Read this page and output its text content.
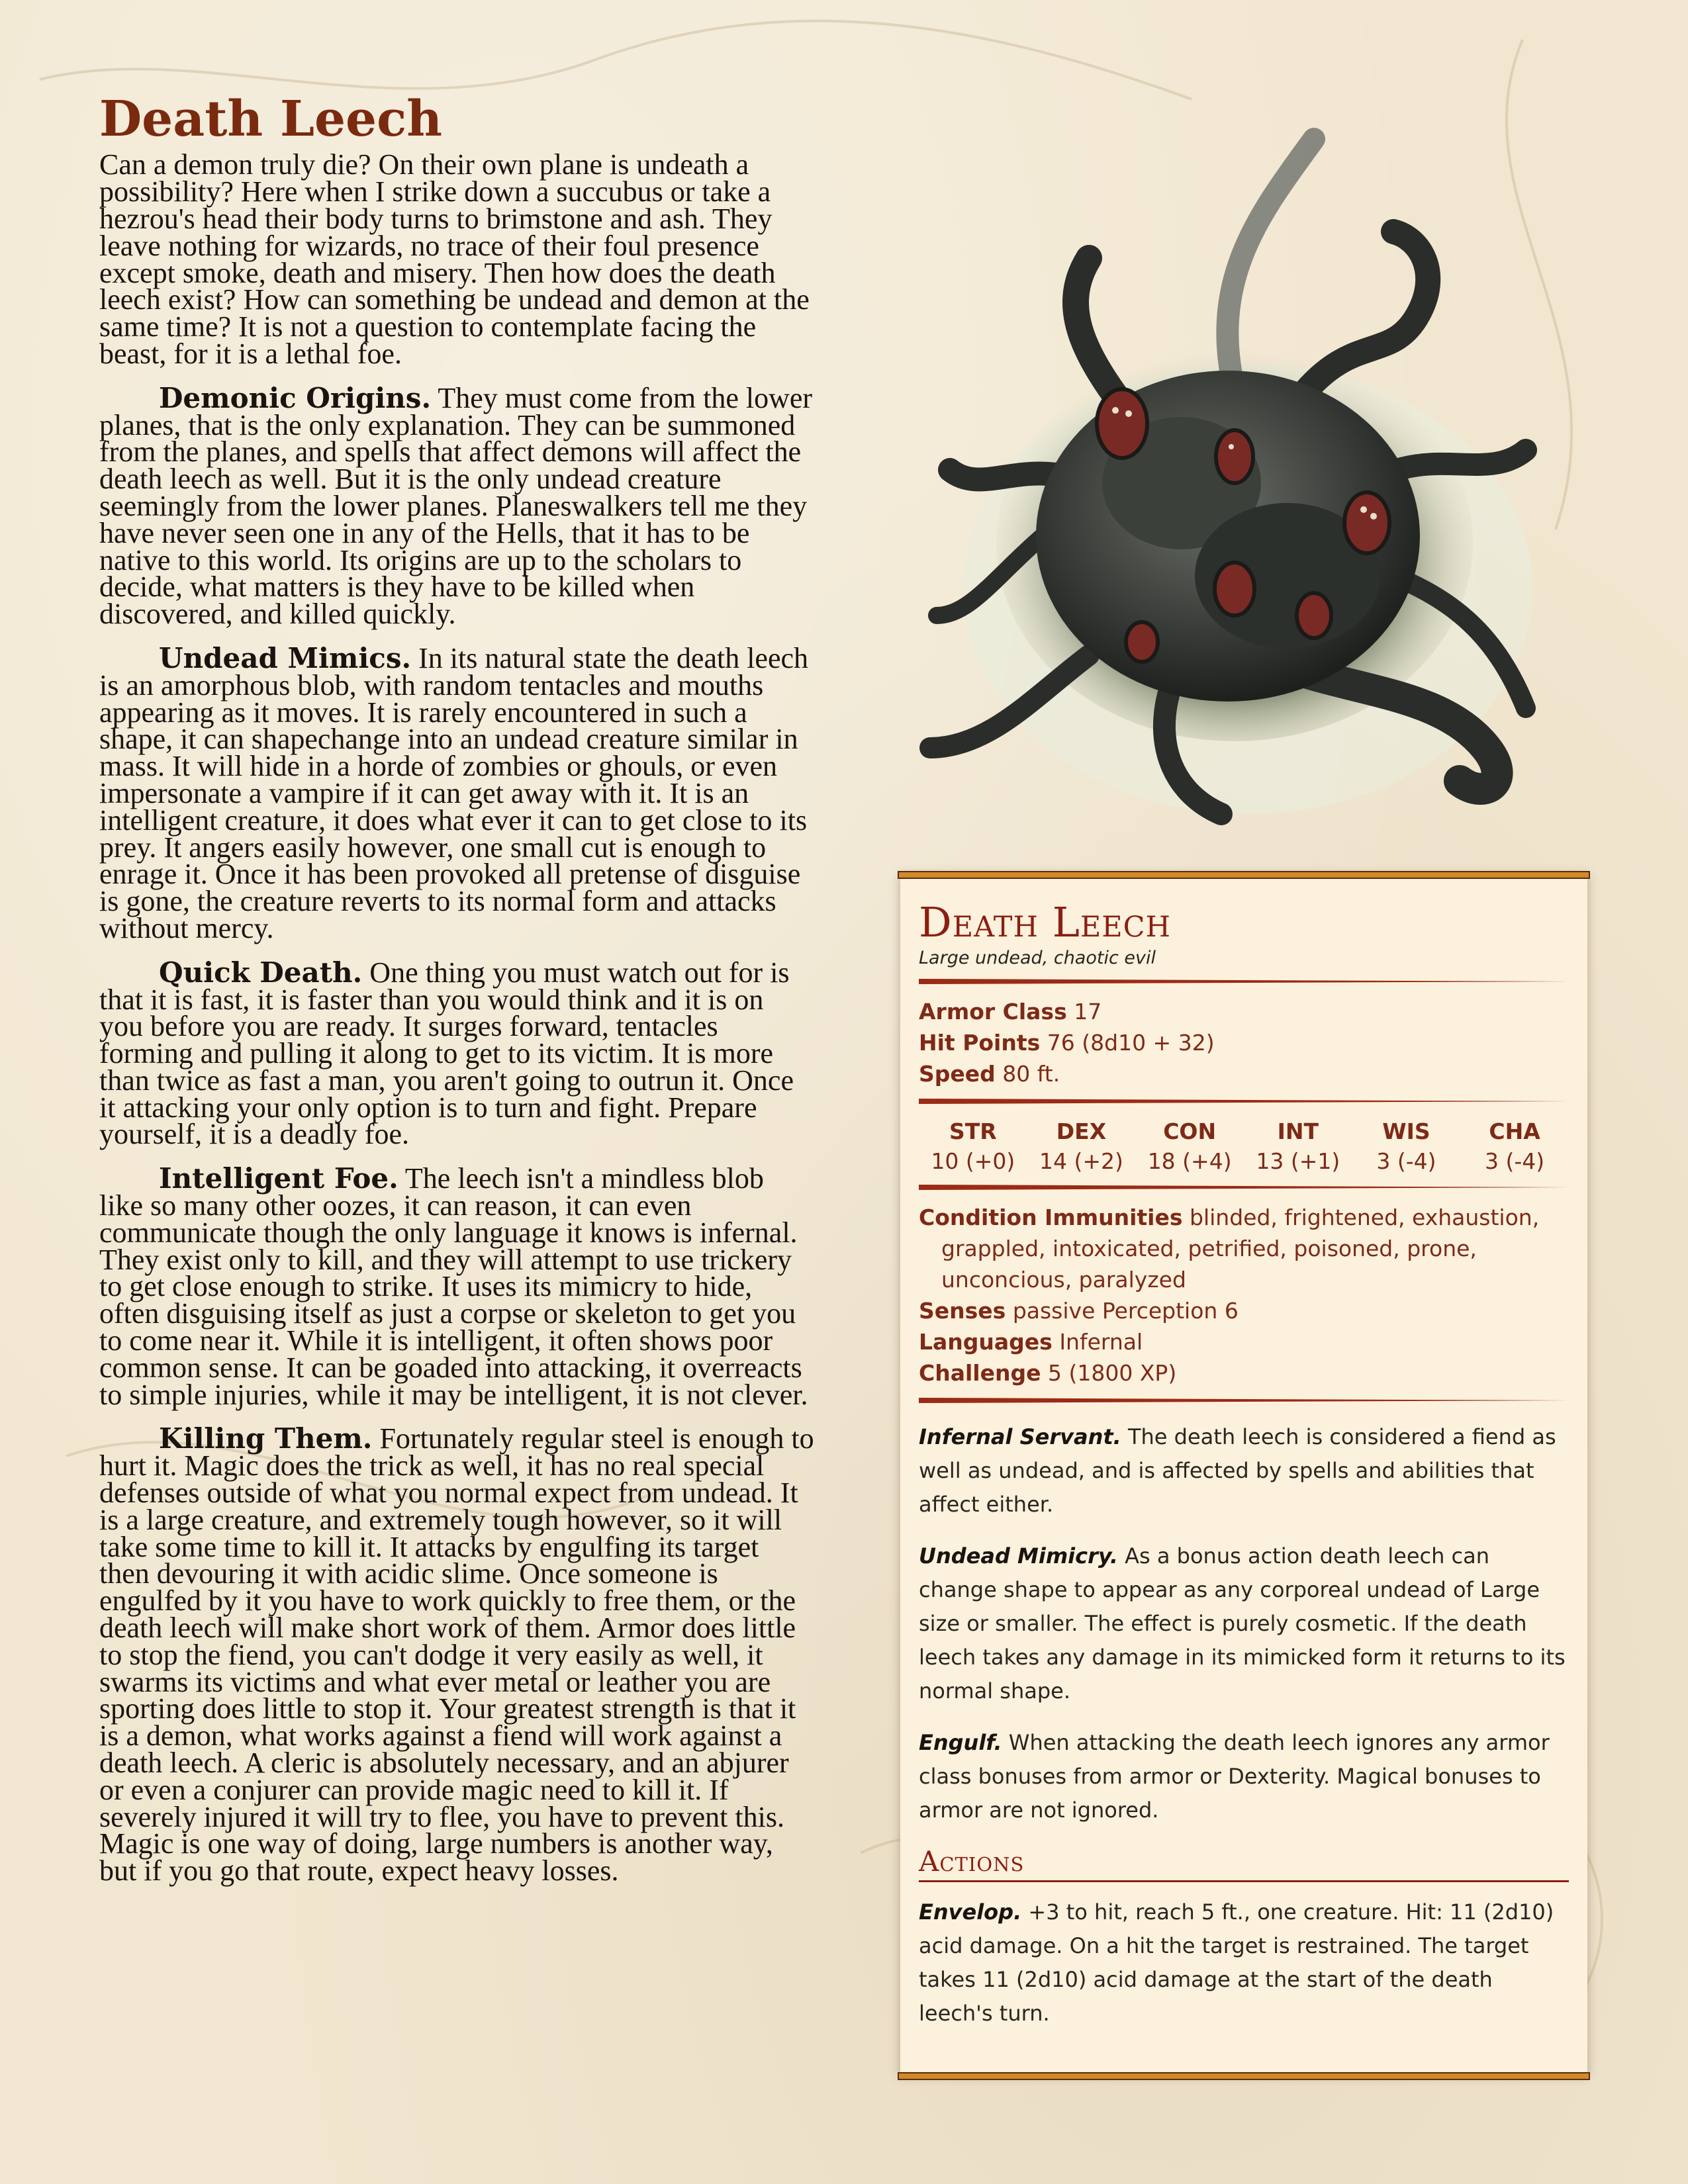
Death Leech

Can a demon truly die? On their own plane is undeath a possibility? Here when I strike down a succubus or take a hezrou's head their body turns to brimstone and ash. They leave nothing for wizards, no trace of their foul presence except smoke, death and misery. Then how does the death leech exist? How can something be undead and demon at the same time? It is not a question to contemplate facing the beast, for it is a lethal foe.

Demonic Origins. They must come from the lower planes, that is the only explanation. They can be summoned from the planes, and spells that affect demons will affect the death leech as well. But it is the only undead creature seemingly from the lower planes. Planeswalkers tell me they have never seen one in any of the Hells, that it has to be native to this world. Its origins are up to the scholars to decide, what matters is they have to be killed when discovered, and killed quickly.

Undead Mimics. In its natural state the death leech is an amorphous blob, with random tentacles and mouths appearing as it moves. It is rarely encountered in such a shape, it can shapechange into an undead creature similar in mass. It will hide in a horde of zombies or ghouls, or even impersonate a vampire if it can get away with it. It is an intelligent creature, it does what ever it can to get close to its prey. It angers easily however, one small cut is enough to enrage it. Once it has been provoked all pretense of disguise is gone, the creature reverts to its normal form and attacks without mercy.

Quick Death. One thing you must watch out for is that it is fast, it is faster than you would think and it is on you before you are ready. It surges forward, tentacles forming and pulling it along to get to its victim. It is more than twice as fast a man, you aren't going to outrun it. Once it attacking your only option is to turn and fight. Prepare yourself, it is a deadly foe.

Intelligent Foe. The leech isn't a mindless blob like so many other oozes, it can reason, it can even communicate though the only language it knows is infernal. They exist only to kill, and they will attempt to use trickery to get close enough to strike. It uses its mimicry to hide, often disguising itself as just a corpse or skeleton to get you to come near it. While it is intelligent, it often shows poor common sense. It can be goaded into attacking, it overreacts to simple injuries, while it may be intelligent, it is not clever.

Killing Them. Fortunately regular steel is enough to hurt it. Magic does the trick as well, it has no real special defenses outside of what you normal expect from undead. It is a large creature, and extremely tough however, so it will take some time to kill it. It attacks by engulfing its target then devouring it with acidic slime. Once someone is engulfed by it you have to work quickly to free them, or the death leech will make short work of them. Armor does little to stop the fiend, you can't dodge it very easily as well, it swarms its victims and what ever metal or leather you are sporting does little to stop it. Your greatest strength is that it is a demon, what works against a fiend will work against a death leech. A cleric is absolutely necessary, and an abjurer or even a conjurer can provide magic need to kill it. If severely injured it will try to flee, you have to prevent this. Magic is one way of doing, large numbers is another way, but if you go that route, expect heavy losses.

Death Leech
Large undead, chaotic evil
Armor Class 17
Hit Points 76 (8d10 + 32)
Speed 80 ft.
STR
10 (+0)
DEX
14 (+2)
CON
18 (+4)
INT
13 (+1)
WIS
3 (-4)
CHA
3 (-4)
Condition Immunities blinded, frightened, exhaustion, grappled, intoxicated, petrified, poisoned, prone, unconcious, paralyzed
Senses passive Perception 6
Languages Infernal
Challenge 5 (1800 XP)

Infernal Servant. The death leech is considered a fiend as well as undead, and is affected by spells and abilities that affect either.

Undead Mimicry. As a bonus action death leech can change shape to appear as any corporeal undead of Large size or smaller. The effect is purely cosmetic. If the death leech takes any damage in its mimicked form it returns to its normal shape.

Engulf. When attacking the death leech ignores any armor class bonuses from armor or Dexterity. Magical bonuses to armor are not ignored.

Actions

Envelop. +3 to hit, reach 5 ft., one creature. Hit: 11 (2d10) acid damage. On a hit the target is restrained. The target takes 11 (2d10) acid damage at the start of the death leech's turn.
